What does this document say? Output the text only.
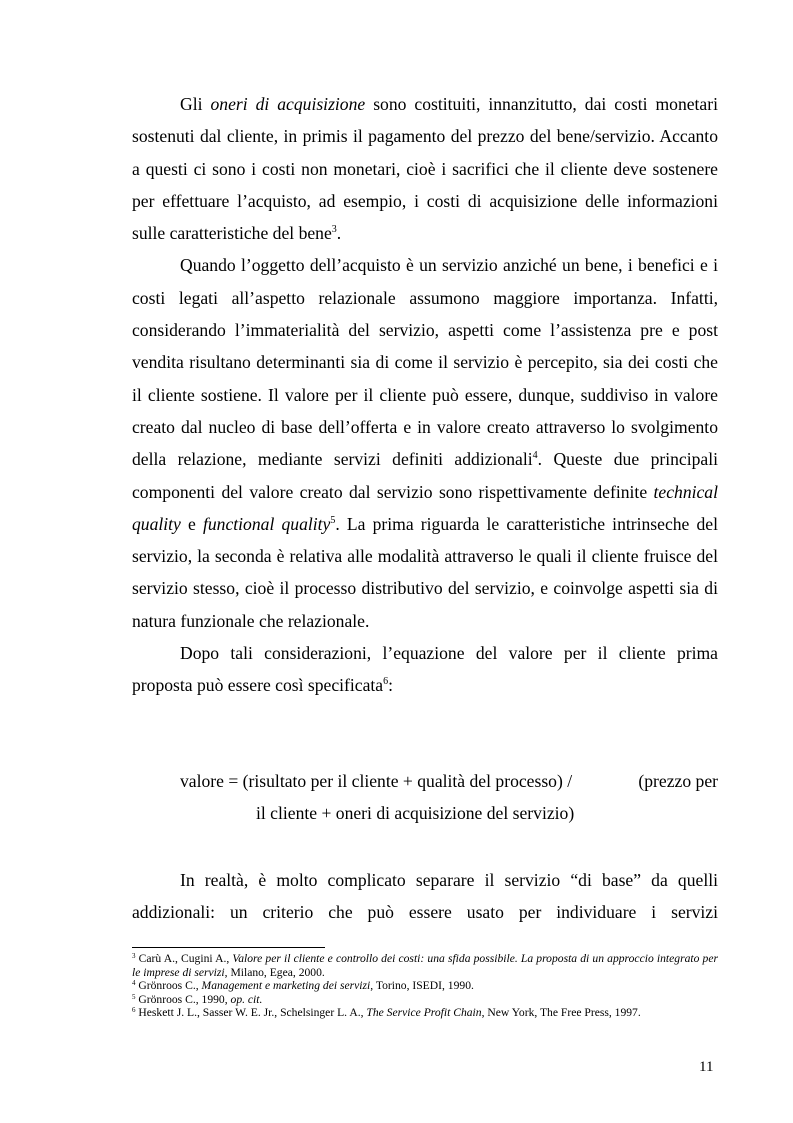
Gli oneri di acquisizione sono costituiti, innanzitutto, dai costi monetari sostenuti dal cliente, in primis il pagamento del prezzo del bene/servizio. Accanto a questi ci sono i costi non monetari, cioè i sacrifici che il cliente deve sostenere per effettuare l’acquisto, ad esempio, i costi di acquisizione delle informazioni sulle caratteristiche del bene$^3$.

Quando l’oggetto dell’acquisto è un servizio anziché un bene, i benefici e i costi legati all’aspetto relazionale assumono maggiore importanza. Infatti, considerando l’immaterialità del servizio, aspetti come l’assistenza pre e post vendita risultano determinanti sia di come il servizio è percepito, sia dei costi che il cliente sostiene. Il valore per il cliente può essere, dunque, suddiviso in valore creato dal nucleo di base dell’offerta e in valore creato attraverso lo svolgimento della relazione, mediante servizi definiti addizionali$^4$. Queste due principali componenti del valore creato dal servizio sono rispettivamente definite technical quality e functional quality$^5$. La prima riguarda le caratteristiche intrinseche del servizio, la seconda è relativa alle modalità attraverso le quali il cliente fruisce del servizio stesso, cioè il processo distributivo del servizio, e coinvolge aspetti sia di natura funzionale che relazionale.

Dopo tali considerazioni, l’equazione del valore per il cliente prima proposta può essere così specificata$^6$:

valore = (risultato per il cliente + qualità del processo) /	(prezzo per
il cliente + oneri di acquisizione del servizio)

In realtà, è molto complicato separare il servizio “di base” da quelli addizionali: un criterio che può essere usato per individuare i servizi

$^3$ Carù A., Cugini A., Valore per il cliente e controllo dei costi: una sfida possibile. La proposta di un approccio integrato per le imprese di servizi, Milano, Egea, 2000.

$^4$ Grönroos C., Management e marketing dei servizi, Torino, ISEDI, 1990.

$^5$ Grönroos C., 1990, op. cit.

$^6$ Heskett J. L., Sasser W. E. Jr., Schelsinger L. A., The Service Profit Chain, New York, The Free Press, 1997.

11
